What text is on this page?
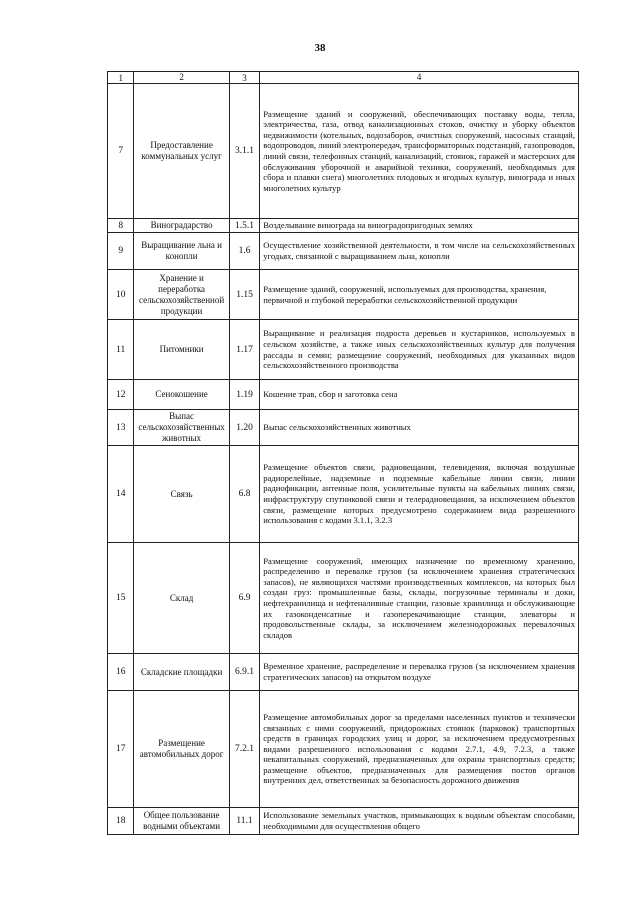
38
1	2	3	4
7	Предоставление коммунальных услуг	3.1.1	Размещение зданий и сооружений, обеспечивающих поставку воды, тепла, электричества, газа, отвод канализационных стоков, очистку и уборку объектов недвижимости (котельных, водозаборов, очистных сооружений, насосных станций, водопроводов, линий электропередач, трансформаторных подстанций, газопроводов, линий связи, телефонных станций, канализаций, стоянок, гаражей и мастерских для обслуживания уборочной и аварийной техники, сооружений, необходимых для сбора и плавки снега) многолетних плодовых и ягодных культур, винограда и иных многолетних культур
8	Виноградарство	1.5.1	Возделывание винограда на виноградопригодных землях
9	Выращивание льна и конопли	1.6	Осуществление хозяйственной деятельности, в том числе на сельскохозяйственных угодьях, связанной с выращиванием льна, конопли
10	Хранение и переработка сельскохозяйственной продукции	1.15	Размещение зданий, сооружений, используемых для производства, хранения, первичной и глубокой переработки сельскохозяйственной продукции
11	Питомники	1.17	Выращивание и реализация подроста деревьев и кустарников, используемых в сельском хозяйстве, а также иных сельскохозяйственных культур для получения рассады и семян; размещение сооружений, необходимых для указанных видов сельскохозяйственного производства
12	Сенокошение	1.19	Кошение трав, сбор и заготовка сена
13	Выпас сельскохозяйственных животных	1.20	Выпас сельскохозяйственных животных
14	Связь	6.8	Размещение объектов связи, радиовещания, телевидения, включая воздушные радиорелейные, надземные и подземные кабельные линии связи, линии радиофикации, антенные поля, усилительные пункты на кабельных линиях связи, инфраструктуру спутниковой связи и телерадиовещания, за исключением объектов связи, размещение которых предусмотрено содержанием вида разрешенного использования с кодами 3.1.1, 3.2.3
15	Склад	6.9	Размещение сооружений, имеющих назначение по временному хранению, распределению и перевалке грузов (за исключением хранения стратегических запасов), не являющихся частями производственных комплексов, на которых был создан груз: промышленные базы, склады, погрузочные терминалы и доки, нефтехранилища и нефтеналивные станции, газовые хранилища и обслуживающие их газоконденсатные и газоперекачивающие станции, элеваторы и продовольственные склады, за исключением железнодорожных перевалочных складов
16	Складские площадки	6.9.1	Временное хранение, распределение и перевалка грузов (за исключением хранения стратегических запасов) на открытом воздухе
17	Размещение автомобильных дорог	7.2.1	Размещение автомобильных дорог за пределами населенных пунктов и технически связанных с ними сооружений, придорожных стоянок (парковок) транспортных средств в границах городских улиц и дорог, за исключением предусмотренных видами разрешенного использования с кодами 2.7.1, 4.9, 7.2.3, а также некапитальных сооружений, предназначенных для охраны транспортных средств; размещение объектов, предназначенных для размещения постов органов внутренних дел, ответственных за безопасность дорожного движения
18	Общее пользование водными объектами	11.1	Использование земельных участков, примыкающих к водным объектам способами, необходимыми для осуществления общего
